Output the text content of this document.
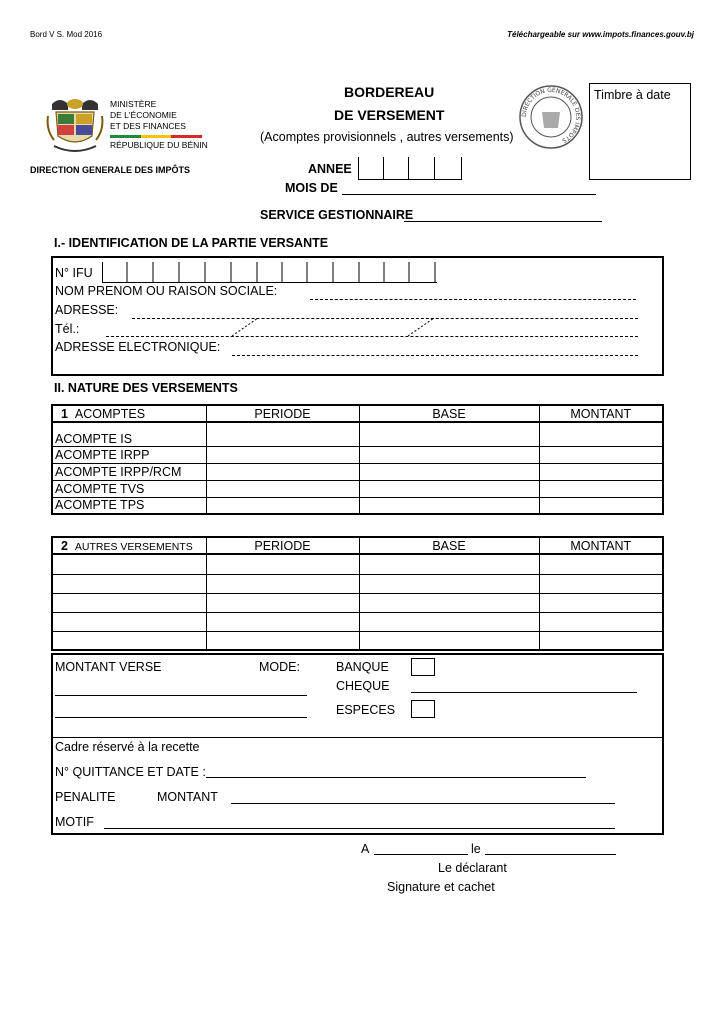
Bord V S. Mod 2016	Téléchargeable sur www.impots.finances.gouv.bj
MINISTÈRE
DE L'ÉCONOMIE
ET DES FINANCES
RÉPUBLIQUE DU BÉNIN
DIRECTION GENERALE DES IMPÔTS
BORDEREAU
DE VERSEMENT
(Acomptes provisionnels , autres versements)
DIRECTION GENERALE DES IMPOTS
Timbre à date
ANNEE
MOIS DE
SERVICE GESTIONNAIRE
I.- IDENTIFICATION DE LA PARTIE VERSANTE
N° IFU
NOM PRENOM OU RAISON SOCIALE:
ADRESSE:
Tél.:
ADRESSE ELECTRONIQUE:
II. NATURE DES VERSEMENTS
1 ACOMPTES	PERIODE	BASE	MONTANT
ACOMPTE IS			
ACOMPTE IRPP			
ACOMPTE IRPP/RCM			
ACOMPTE TVS			
ACOMPTE TPS			
2 AUTRES VERSEMENTS	PERIODE	BASE	MONTANT

MONTANT VERSE	MODE:	BANQUE
CHEQUE
ESPECES
Cadre réservé à la recette
N° QUITTANCE ET DATE :
PENALITE	MONTANT
MOTIF
A	le
Le déclarant
Signature et cachet
